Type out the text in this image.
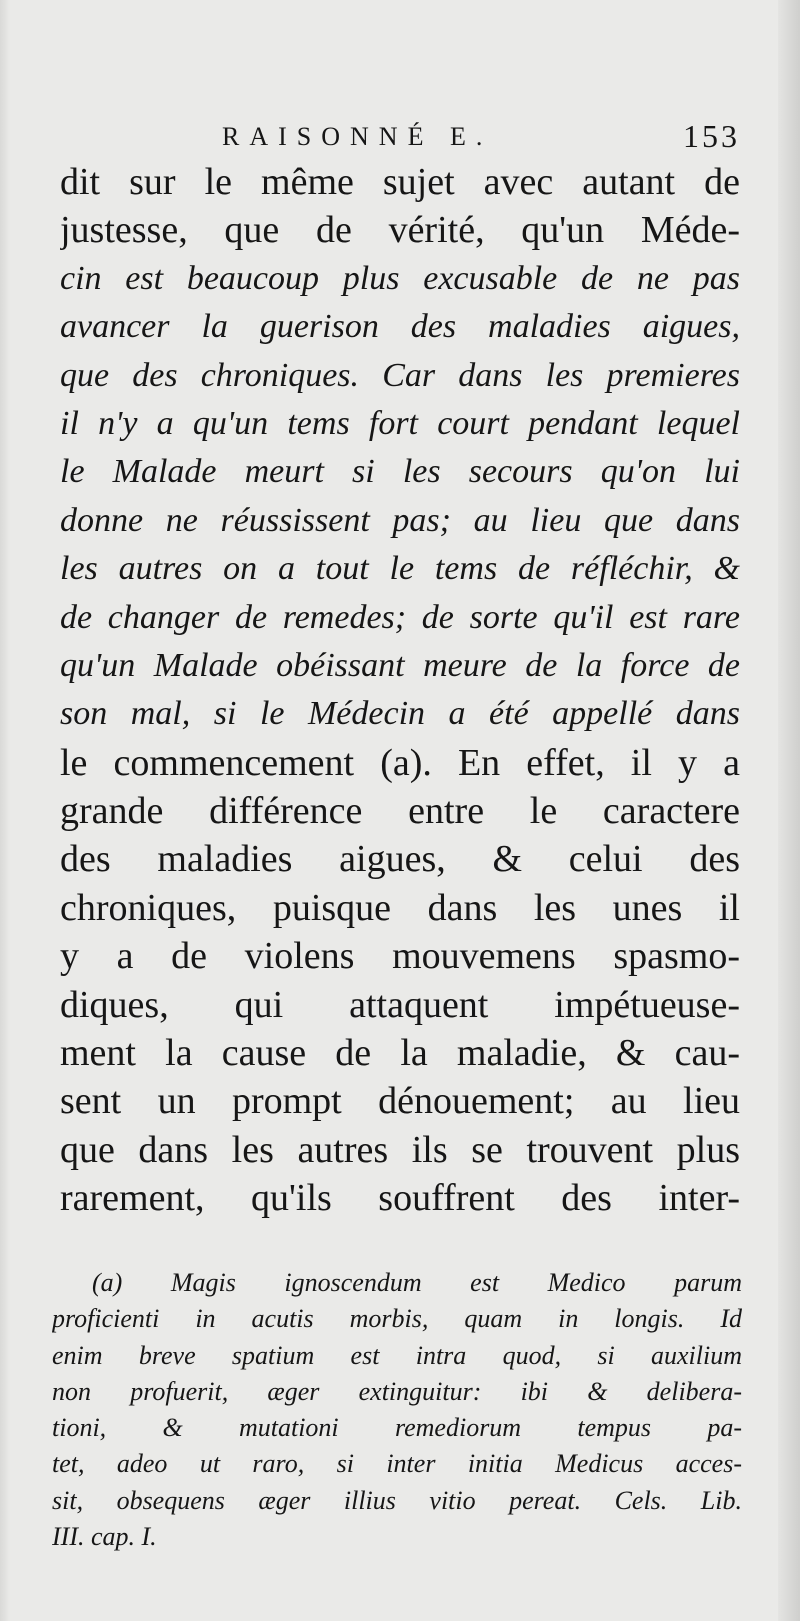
RAISONNÉ E.	153
dit sur le même sujet avec autant de
justesse, que de vérité, qu'un Méde-
cin est beaucoup plus excusable de ne pas
avancer la guerison des maladies aigues,
que des chroniques. Car dans les premieres
il n'y a qu'un tems fort court pendant lequel
le Malade meurt si les secours qu'on lui
donne ne réussissent pas; au lieu que dans
les autres on a tout le tems de réfléchir, &
de changer de remedes; de sorte qu'il est rare
qu'un Malade obéissant meure de la force de
son mal, si le Médecin a été appellé dans
le commencement (a). En effet, il y a
grande différence entre le caractere
des maladies aigues, & celui des
chroniques, puisque dans les unes il
y a de violens mouvemens spasmo-
diques, qui attaquent impétueuse-
ment la cause de la maladie, & cau-
sent un prompt dénouement; au lieu
que dans les autres ils se trouvent plus
rarement, qu'ils souffrent des inter-
(a) Magis ignoscendum est Medico parum
proficienti in acutis morbis, quam in longis. Id
enim breve spatium est intra quod, si auxilium
non profuerit, æger extinguitur: ibi & delibera-
tioni, & mutationi remediorum tempus pa-
tet, adeo ut raro, si inter initia Medicus acces-
sit, obsequens æger illius vitio pereat. Cels. Lib.
III. cap. I.
